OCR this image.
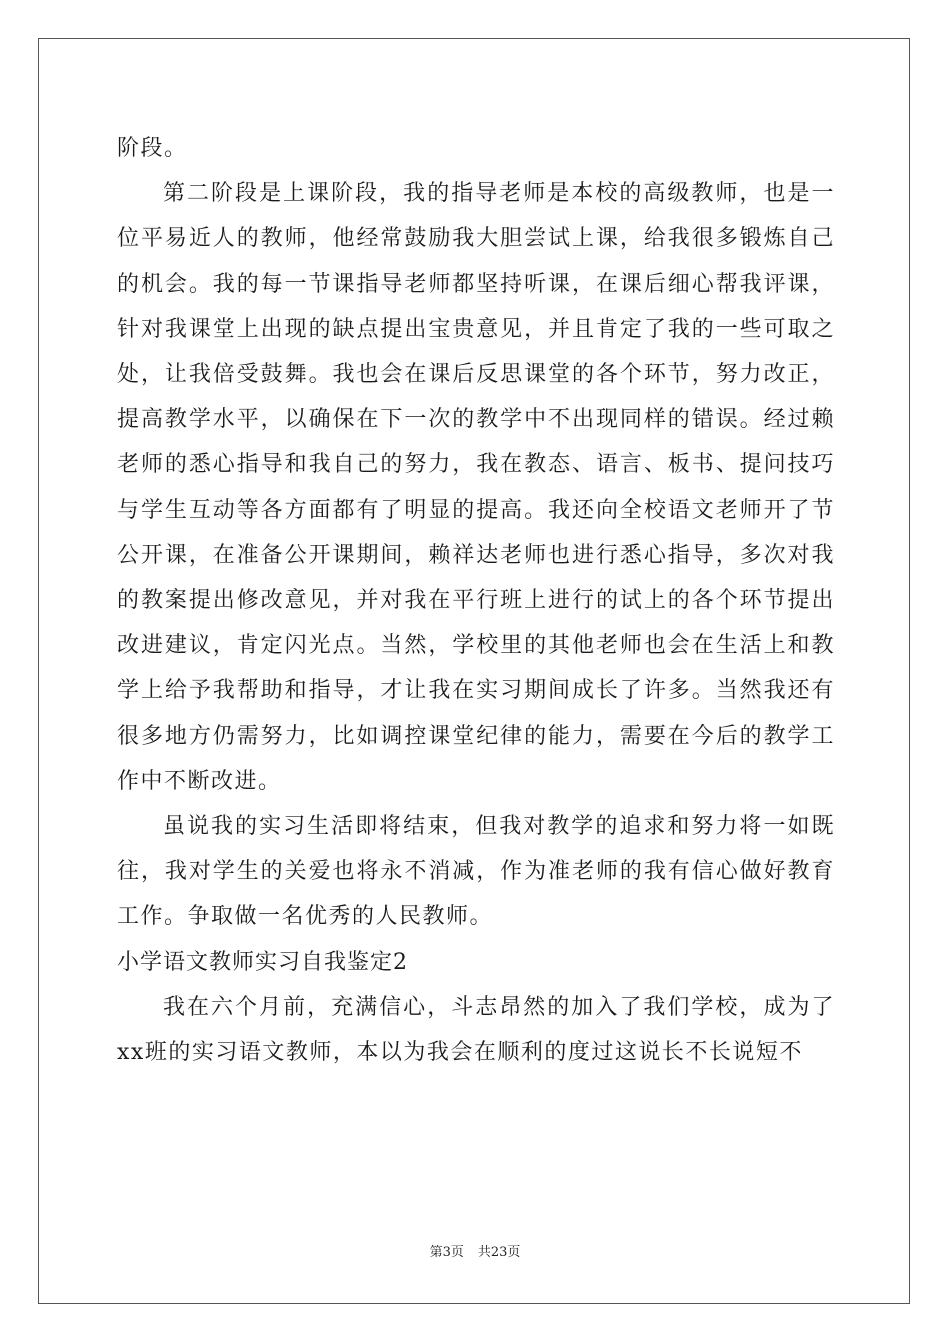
阶段。

第二阶段是上课阶段，我的指导老师是本校的高级教师，也是一位平易近人的教师，他经常鼓励我大胆尝试上课，给我很多锻炼自己的机会。我的每一节课指导老师都坚持听课，在课后细心帮我评课，针对我课堂上出现的缺点提出宝贵意见，并且肯定了我的一些可取之处，让我倍受鼓舞。我也会在课后反思课堂的各个环节，努力改正，提高教学水平，以确保在下一次的教学中不出现同样的错误。经过赖老师的悉心指导和我自己的努力，我在教态、语言、板书、提问技巧与学生互动等各方面都有了明显的提高。我还向全校语文老师开了节公开课，在准备公开课期间，赖祥达老师也进行悉心指导，多次对我的教案提出修改意见，并对我在平行班上进行的试上的各个环节提出改进建议，肯定闪光点。当然，学校里的其他老师也会在生活上和教学上给予我帮助和指导，才让我在实习期间成长了许多。当然我还有很多地方仍需努力，比如调控课堂纪律的能力，需要在今后的教学工作中不断改进。

虽说我的实习生活即将结束，但我对教学的追求和努力将一如既往，我对学生的关爱也将永不消减，作为准老师的我有信心做好教育工作。争取做一名优秀的人民教师。

小学语文教师实习自我鉴定2

我在六个月前，充满信心，斗志昂然的加入了我们学校，成为了xx班的实习语文教师，本以为我会在顺利的度过这说长不长说短不

第3页 共23页
